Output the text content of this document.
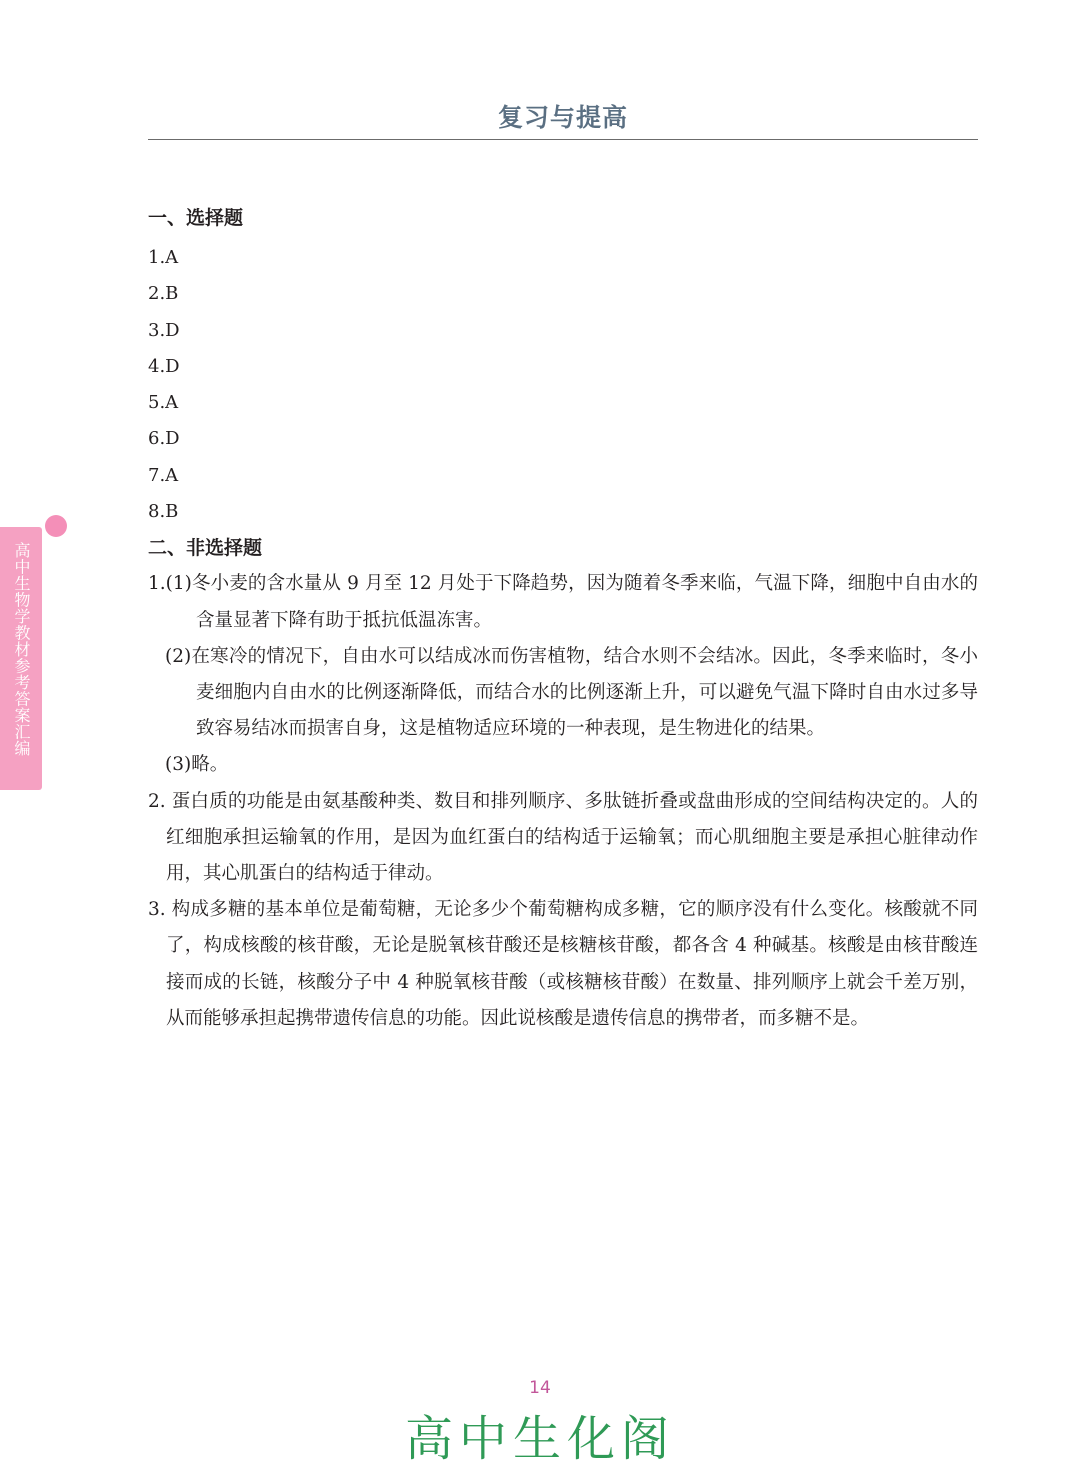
复习与提高
高中生物学教材参考答案汇编

一、选择题

1.A

2.B

3.D

4.D

5.A

6.D

7.A

8.B

二、非选择题

1.(1)冬小麦的含水量从 9 月至 12 月处于下降趋势，因为随着冬季来临，气温下降，细胞中自由水的含量显著下降有助于抵抗低温冻害。

(2)在寒冷的情况下，自由水可以结成冰而伤害植物，结合水则不会结冰。因此，冬季来临时，冬小麦细胞内自由水的比例逐渐降低，而结合水的比例逐渐上升，可以避免气温下降时自由水过多导致容易结冰而损害自身，这是植物适应环境的一种表现，是生物进化的结果。

(3)略。

2. 蛋白质的功能是由氨基酸种类、数目和排列顺序、多肽链折叠或盘曲形成的空间结构决定的。人的红细胞承担运输氧的作用，是因为血红蛋白的结构适于运输氧；而心肌细胞主要是承担心脏律动作用，其心肌蛋白的结构适于律动。

3. 构成多糖的基本单位是葡萄糖，无论多少个葡萄糖构成多糖，它的顺序没有什么变化。核酸就不同了，构成核酸的核苷酸，无论是脱氧核苷酸还是核糖核苷酸，都各含 4 种碱基。核酸是由核苷酸连接而成的长链，核酸分子中 4 种脱氧核苷酸（或核糖核苷酸）在数量、排列顺序上就会千差万别，从而能够承担起携带遗传信息的功能。因此说核酸是遗传信息的携带者，而多糖不是。

14
高中生化阁
